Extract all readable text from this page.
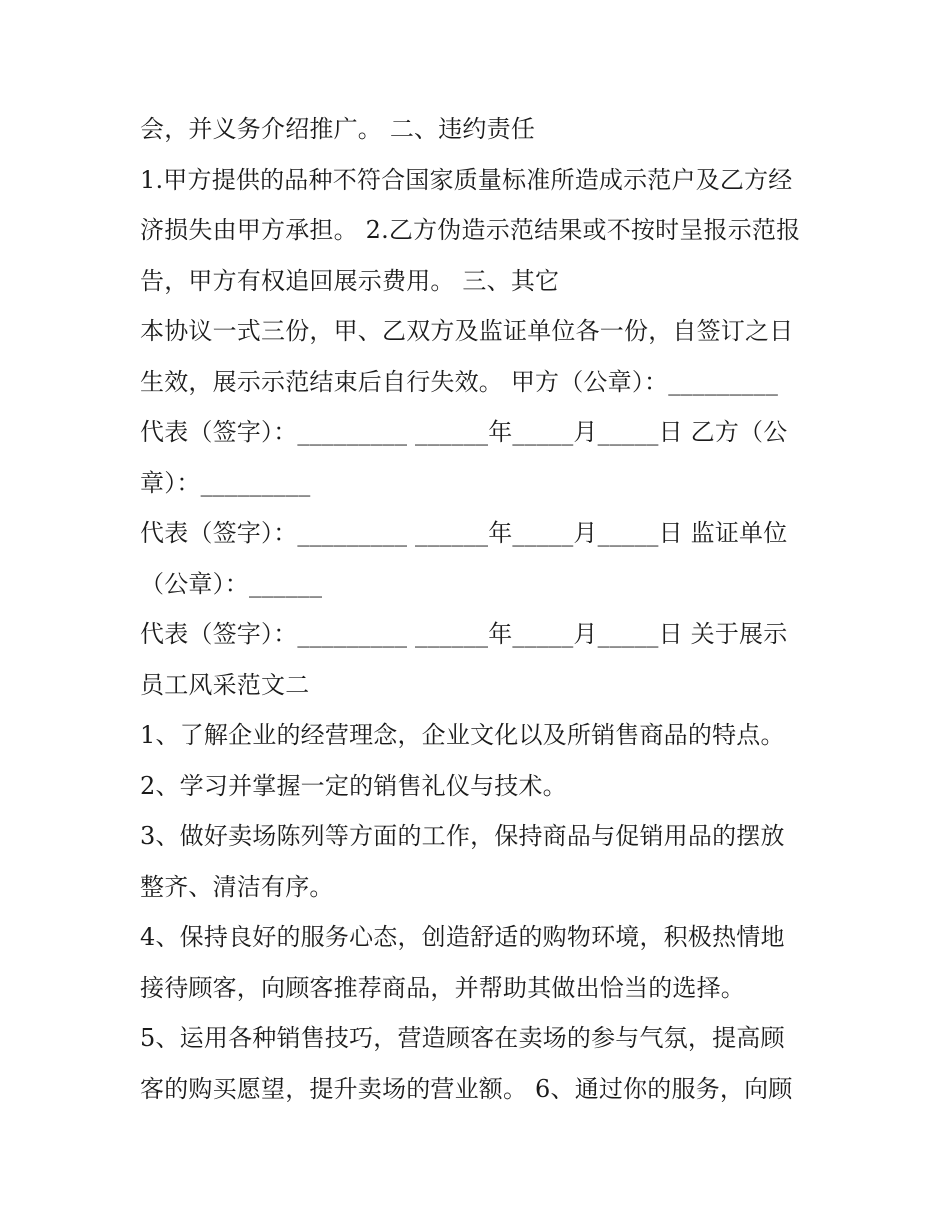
会，并义务介绍推广。 二、违约责任
1.甲方提供的品种不符合国家质量标准所造成示范户及乙方经
济损失由甲方承担。 2.乙方伪造示范结果或不按时呈报示范报
告，甲方有权追回展示费用。 三、其它
本协议一式三份，甲、乙双方及监证单位各一份，自签订之日
生效，展示示范结束后自行失效。 甲方（公章）：_________
代表（签字）：_________ ______年_____月_____日 乙方（公
章）：_________
代表（签字）：_________ ______年_____月_____日 监证单位
（公章）：______
代表（签字）：_________ ______年_____月_____日 关于展示
员工风采范文二
1、了解企业的经营理念，企业文化以及所销售商品的特点。
2、学习并掌握一定的销售礼仪与技术。
3、做好卖场陈列等方面的工作，保持商品与促销用品的摆放
整齐、清洁有序。
4、保持良好的服务心态，创造舒适的购物环境，积极热情地
接待顾客，向顾客推荐商品，并帮助其做出恰当的选择。
5、运用各种销售技巧，营造顾客在卖场的参与气氛，提高顾
客的购买愿望，提升卖场的营业额。 6、通过你的服务，向顾
